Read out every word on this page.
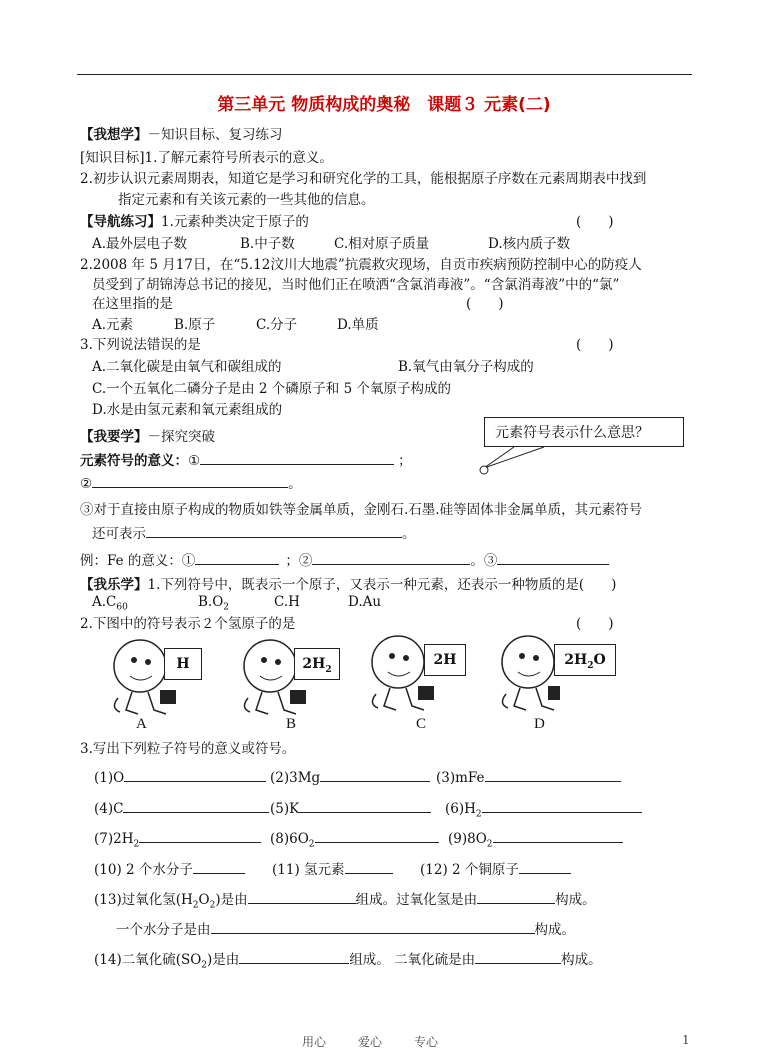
第三单元 物质构成的奥秘　课题３ 元素(二)
【我想学】－知识目标、复习练习
[知识目标]1.了解元素符号所表示的意义。
2.初步认识元素周期表，知道它是学习和研究化学的工具，能根据原子序数在元素周期表中找到
指定元素和有关该元素的一些其他的信息。
【导航练习】1.元素种类决定于原子的	(　　)
A.最外层电子数	B.中子数	C.相对原子质量	D.核内质子数
2.2008 年 5 月17日，在“5.12汶川大地震”抗震救灾现场，自贡市疾病预防控制中心的防疫人
员受到了胡锦涛总书记的接见，当时他们正在喷洒“含氯消毒液”。“含氯消毒液”中的“氯”
在这里指的是	(　　)
A.元素	B.原子	C.分子	D.单质
3.下列说法错误的是	(　　)
A.二氧化碳是由氧气和碳组成的	B.氧气由氧分子构成的
C.一个五氧化二磷分子是由 2 个磷原子和 5 个氧原子构成的
D.水是由氢元素和氧元素组成的
【我要学】－探究突破	元素符号表示什么意思？
元素符号的意义：①	；
②	。
③对于直接由原子构成的物质如铁等金属单质，金刚石.石墨.硅等固体非金属单质，其元素符号
还可表示	。
例：Fe 的意义：①	；②	。③
【我乐学】1.下列符号中，既表示一个原子，又表示一种元素，还表示一种物质的是(　　)
$A.C_{60}$	$B.O_2$	C.H	D.Au
2.下图中的符号表示２个氢原子的是	(　　)
H	$2H_2$
2H	$2H_2O$
A	B	C	D
3.写出下列粒子符号的意义或符号。
(1)O	(2)3Mg	(3)mFe
(4)C	(5)K	$(6)H_2$
$(7)2H_2$	$(8)6O_2$	$(9)8O_2$
(10) 2 个水分子	(11) 氢元素	(12) 2 个铜原子
(13)过氧化氢$(H_2O_2)$是由	组成。过氧化氢是由	构成。
一个水分子是由	构成。
(14)二氧化硫$(SO_2)$是由	组成。 二氧化硫是由	构成。
用心	爱心	专心	1
